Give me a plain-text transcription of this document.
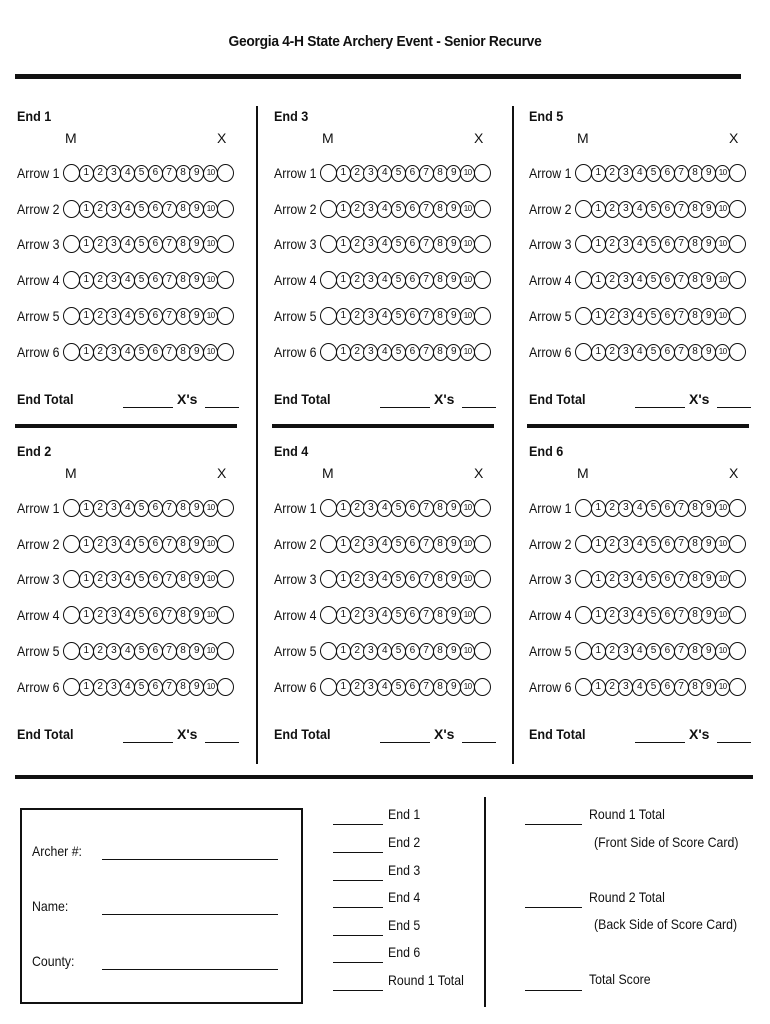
Georgia 4-H State Archery Event - Senior Recurve
End 1
M	X
Arrow 1	1 2 3 4 5 6 7 8 9 10
Arrow 2	1 2 3 4 5 6 7 8 9 10
Arrow 3	1 2 3 4 5 6 7 8 9 10
Arrow 4	1 2 3 4 5 6 7 8 9 10
Arrow 5	1 2 3 4 5 6 7 8 9 10
Arrow 6	1 2 3 4 5 6 7 8 9 10
End Total	X's
End 2
M	X
Arrow 1	1 2 3 4 5 6 7 8 9 10
Arrow 2	1 2 3 4 5 6 7 8 9 10
Arrow 3	1 2 3 4 5 6 7 8 9 10
Arrow 4	1 2 3 4 5 6 7 8 9 10
Arrow 5	1 2 3 4 5 6 7 8 9 10
Arrow 6	1 2 3 4 5 6 7 8 9 10
End Total	X's
End 3
M	X
Arrow 1	1 2 3 4 5 6 7 8 9 10
Arrow 2	1 2 3 4 5 6 7 8 9 10
Arrow 3	1 2 3 4 5 6 7 8 9 10
Arrow 4	1 2 3 4 5 6 7 8 9 10
Arrow 5	1 2 3 4 5 6 7 8 9 10
Arrow 6	1 2 3 4 5 6 7 8 9 10
End Total	X's
End 4
M	X
Arrow 1	1 2 3 4 5 6 7 8 9 10
Arrow 2	1 2 3 4 5 6 7 8 9 10
Arrow 3	1 2 3 4 5 6 7 8 9 10
Arrow 4	1 2 3 4 5 6 7 8 9 10
Arrow 5	1 2 3 4 5 6 7 8 9 10
Arrow 6	1 2 3 4 5 6 7 8 9 10
End Total	X's
End 5
M	X
Arrow 1	1 2 3 4 5 6 7 8 9 10
Arrow 2	1 2 3 4 5 6 7 8 9 10
Arrow 3	1 2 3 4 5 6 7 8 9 10
Arrow 4	1 2 3 4 5 6 7 8 9 10
Arrow 5	1 2 3 4 5 6 7 8 9 10
Arrow 6	1 2 3 4 5 6 7 8 9 10
End Total	X's
End 6
M	X
Arrow 1	1 2 3 4 5 6 7 8 9 10
Arrow 2	1 2 3 4 5 6 7 8 9 10
Arrow 3	1 2 3 4 5 6 7 8 9 10
Arrow 4	1 2 3 4 5 6 7 8 9 10
Arrow 5	1 2 3 4 5 6 7 8 9 10
Arrow 6	1 2 3 4 5 6 7 8 9 10
End Total	X's
Archer #:
Name:
County:
End 1
End 2
End 3
End 4
End 5
End 6
Round 1 Total
Round 1 Total
(Front Side of Score Card)
Round 2 Total
(Back Side of Score Card)
Total Score
